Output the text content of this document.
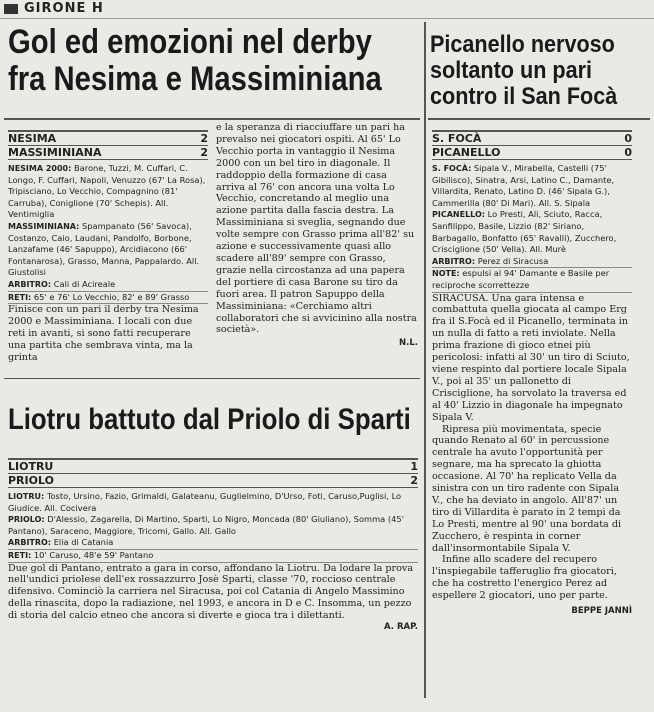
$^{GIRONE H}$
Gol ed emozioni nel derby
fra Nesima e Massiminiana
Picanello nervoso
soltanto un pari
contro il San Focà
NESIMA	2
MASSIMINIANA	2

NESIMA 2000: Barone, Tuzzi, M. Cuffari, C. Longo, F. Cuffari, Napoli, Venuzzo (67' La Rosa), Tripisciano, Lo Vecchio, Compagnino (81' Carruba), Coniglione (70' Schepis). All. Ventimiglia

MASSIMINIANA: Spampanato (56' Savoca), Costanzo, Caio, Laudani, Pandolfo, Borbone, Lanzafame (46' Sapuppo), Arcidiacono (66' Fontanarosa), Grasso, Manna, Pappalardo. All. Giustolisi

ARBITRO: Cali di Acireale

RETI: 65' e 76' Lo Vecchio, 82' e 89' Grasso

Finisce con un pari il derby tra Nesima 2000 e Massiminiana. I locali con due reti in avanti, si sono fatti recuperare una partita che sembrava vinta, ma la grinta

e la speranza di riacciuffare un pari ha prevalso nei giocatori ospiti. Al 65' Lo Vecchio porta in vantaggio il Nesima 2000 con un bel tiro in diagonale. Il raddoppio della formazione di casa arriva al 76' con ancora una volta Lo Vecchio, concretando al meglio una azione partita dalla fascia destra. La Massiminiana si sveglia, segnando due volte sempre con Grasso prima all'82' su azione e successivamente quasi allo scadere all'89' sempre con Grasso, grazie nella circostanza ad una papera del portiere di casa Barone su tiro da fuori area. Il patron Sapuppo della Massiminiana: «Cerchiamo altri collaboratori che si avvicinino alla nostra società».

N.L.

S. FOCÀ	0
PICANELLO	0

S. FOCÀ: Sipala V., Mirabella, Castelli (75' Gibilisco), Sinatra, Arsi, Latino C., Damante, Villardita, Renato, Latino D. (46' Sipala G.), Cammerilla (80' Di Mari). All. S. Sipala

PICANELLO: Lo Presti, Ali, Sciuto, Racca, Sanfilippo, Basile, Lizzio (82' Siriano, Barbagallo, Bonfatto (65' Ravalli), Zucchero, Crisciglione (50' Vella). All. Murè

ARBITRO: Perez di Siracusa

NOTE: espulsi al 94' Damante e Basile per reciproche scorrettezze

SIRACUSA. Una gara intensa e combattuta quella giocata al campo Erg fra il S.Focà ed il Picanello, terminata in un nulla di fatto a reti inviolate. Nella prima frazione di gioco etnei più pericolosi: infatti al 30' un tiro di Sciuto, viene respinto dal portiere locale Sipala V., poi al 35' un pallonetto di Crisciglione, ha sorvolato la traversa ed al 40' Lizzio in diagonale ha impegnato Sipala V.

Ripresa più movimentata, specie quando Renato al 60' in percussione centrale ha avuto l'opportunità per segnare, ma ha sprecato la ghiotta occasione. Al 70' ha replicato Vella da sinistra con un tiro radente con Sipala V., che ha deviato in angolo. All'87' un tiro di Villardita è parato in 2 tempi da Lo Presti, mentre al 90' una bordata di Zucchero, è respinta in corner dall'insormontabile Sipala V.

Infine allo scadere del recupero l'inspiegabile tafferuglio fra giocatori, che ha costretto l'energico Perez ad espellere 2 giocatori, uno per parte.

BEPPE JANNÌ

Liotru battuto dal Priolo di Sparti
LIOTRU	1
PRIOLO	2

LIOTRU: Tosto, Ursino, Fazio, Grimaldi, Galateanu, Guglielmino, D'Urso, Foti, Caruso,Puglisi, Lo Giudice. All. Cocivera

PRIOLO: D'Alessio, Zagarella, Di Martino, Sparti, Lo Nigro, Moncada (80' Giuliano), Somma (45' Pantano), Saraceno, Maggiore, Tricomi, Gallo. All. Gallo

ARBITRO: Elia di Catania

RETI: 10' Caruso, 48'e 59' Pantano

Due gol di Pantano, entrato a gara in corso, affondano la Liotru. Da lodare la prova nell'undici priolese dell'ex rossazzurro Josè Sparti, classe '70, roccioso centrale difensivo. Cominciò la carriera nel Siracusa, poi col Catania di Angelo Massimino della rinascita, dopo la radiazione, nel 1993, e ancora in D e C. Insomma, un pezzo di storia del calcio etneo che ancora si diverte e gioca tra i dilettanti.

A. RAP.
